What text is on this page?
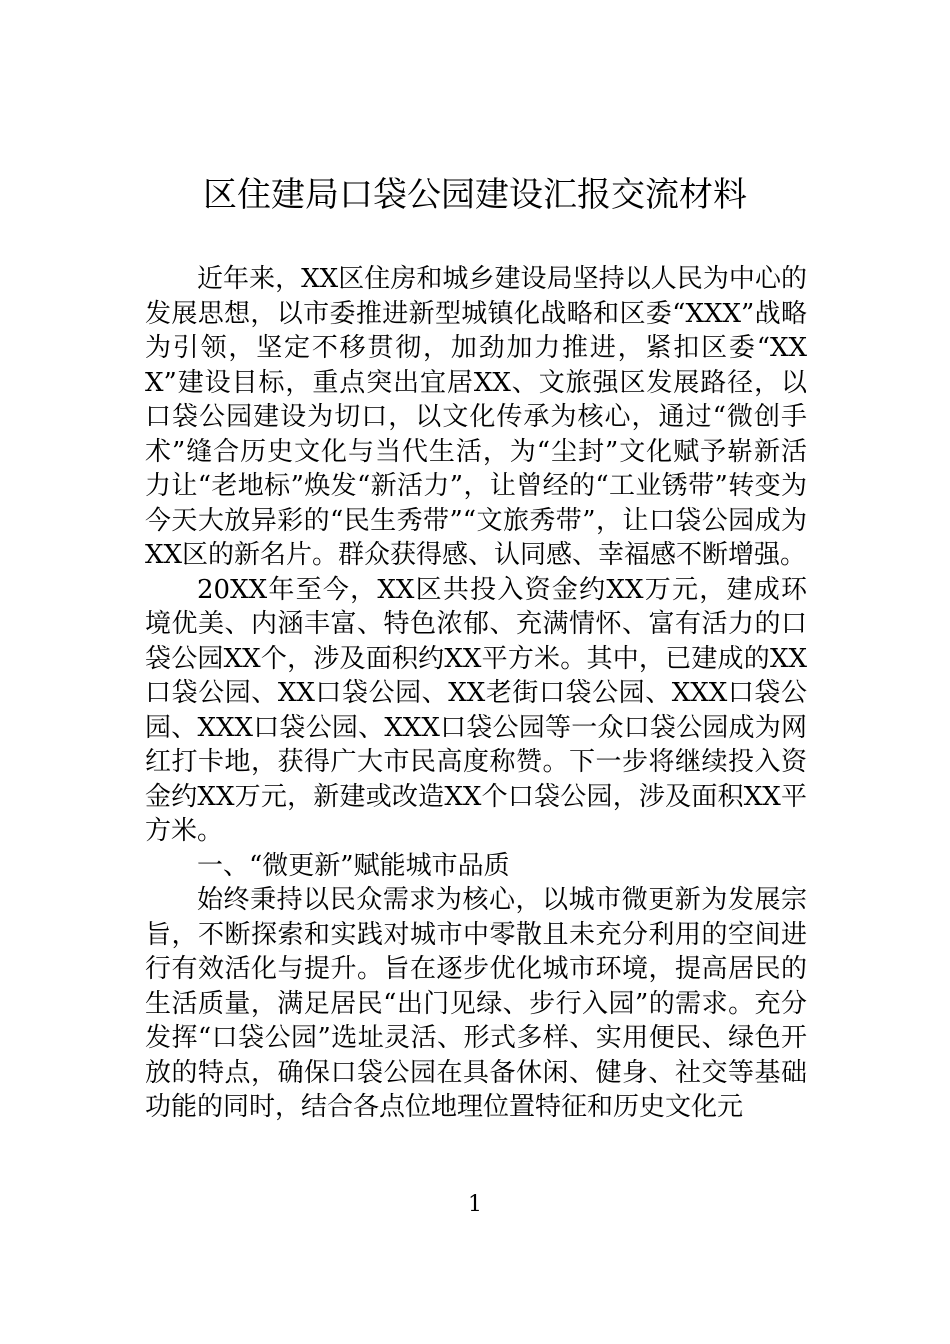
区住建局口袋公园建设汇报交流材料

近年来，XX区住房和城乡建设局坚持以人民为中心的发展思想，以市委推进新型城镇化战略和区委“XXX”战略为引领，坚定不移贯彻，加劲加力推进，紧扣区委“XXX”建设目标，重点突出宜居XX、文旅强区发展路径，以口袋公园建设为切口，以文化传承为核心，通过“微创手术”缝合历史文化与当代生活，为“尘封”文化赋予崭新活力让“老地标”焕发“新活力”，让曾经的“工业锈带”转变为今天大放异彩的“民生秀带”“文旅秀带”，让口袋公园成为XX区的新名片。群众获得感、认同感、幸福感不断增强。

20XX年至今，XX区共投入资金约XX万元，建成环境优美、内涵丰富、特色浓郁、充满情怀、富有活力的口袋公园XX个，涉及面积约XX平方米。其中，已建成的XX口袋公园、XX口袋公园、XX老街口袋公园、XXX口袋公园、XXX口袋公园、XXX口袋公园等一众口袋公园成为网红打卡地，获得广大市民高度称赞。下一步将继续投入资金约XX万元，新建或改造XX个口袋公园，涉及面积XX平方米。

一、“微更新”赋能城市品质

始终秉持以民众需求为核心，以城市微更新为发展宗旨，不断探索和实践对城市中零散且未充分利用的空间进行有效活化与提升。旨在逐步优化城市环境，提高居民的生活质量，满足居民“出门见绿、步行入园”的需求。充分发挥“口袋公园”选址灵活、形式多样、实用便民、绿色开放的特点，确保口袋公园在具备休闲、健身、社交等基础功能的同时，结合各点位地理位置特征和历史文化元

1
